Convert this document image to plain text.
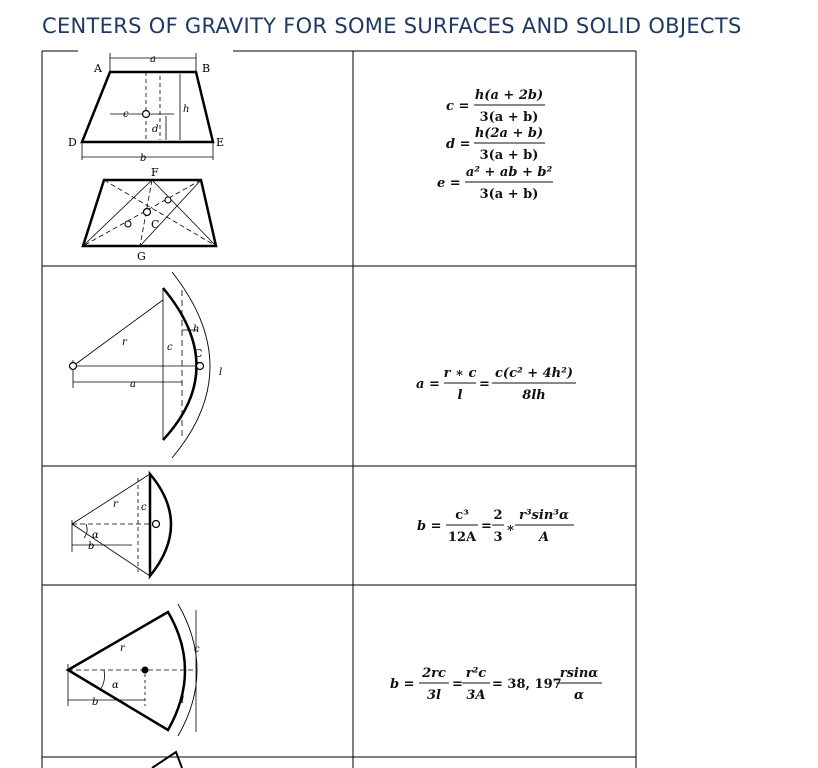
CENTERS OF GRAVITY FOR SOME SURFACES AND SOLID OBJECTS
a
A	B
D	E
b
c
d
h
F
G
C
c =
h(a + 2b)
3(a + b)
d =
h(2a + b)
3(a + b)
e =
a² + ab + b²
3(a + b)
r
a
c
h
C
l
a =
r ∗ c
l
=
c(c² + 4h²)
8lh
r c
b
α
b =
c³
12A
=
2
3
∗
r³sin³α
A
r	c
b
α
l
b =
2rc
3l
=
r²c
3A
= 38, 197
rsinα
α
